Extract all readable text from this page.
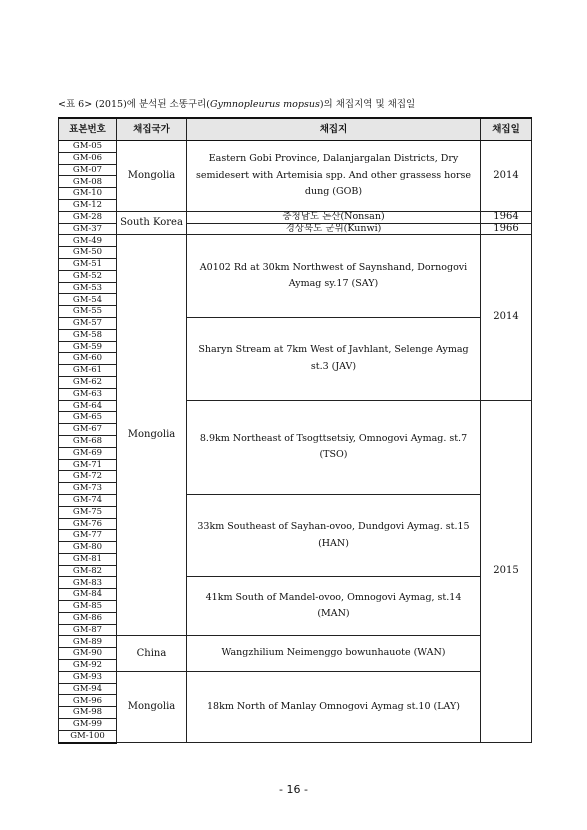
<표 6> (2015)에 분석된 소똥구리(Gymnopleurus mopsus)의 채집지역 및 채집일
표본번호	채집국가	채집지	채집일
GM-05	Mongolia	Eastern Gobi Province, Dalanjargalan Districts, Dry semidesert with Artemisia spp. And other grassess horse dung (GOB)	2014
GM-06			
GM-07			
GM-08			
GM-10			
GM-12			
GM-28	South Korea	충청남도 논산(Nonsan)	1964
GM-37		경상북도 군위(Kunwi)	1966
GM-49	Mongolia	A0102 Rd at 30km Northwest of Saynshand, Dornogovi Aymag sy.17 (SAY)	2014
GM-50			
GM-51			
GM-52			
GM-53			
GM-54			
GM-55			
GM-57		Sharyn Stream at 7km West of Javhlant, Selenge Aymag st.3 (JAV)	
GM-58			
GM-59			
GM-60			
GM-61			
GM-62			
GM-63			
GM-64		8.9km Northeast of Tsogttsetsiy, Omnogovi Aymag. st.7 (TSO)	2015
GM-65			
GM-67			
GM-68			
GM-69			
GM-71			
GM-72			
GM-73			
GM-74		33km Southeast of Sayhan-ovoo, Dundgovi Aymag. st.15 (HAN)	
GM-75			
GM-76			
GM-77			
GM-80			
GM-81			
GM-82			
GM-83		41km South of Mandel-ovoo, Omnogovi Aymag, st.14 (MAN)	
GM-84			
GM-85			
GM-86			
GM-87			
GM-89	China	Wangzhilium Neimenggo bowunhauote (WAN)	
GM-90			
GM-92			
GM-93	Mongolia	18km North of Manlay Omnogovi Aymag st.10 (LAY)	
GM-94			
GM-96			
GM-98			
GM-99			
GM-100			
- 16 -
